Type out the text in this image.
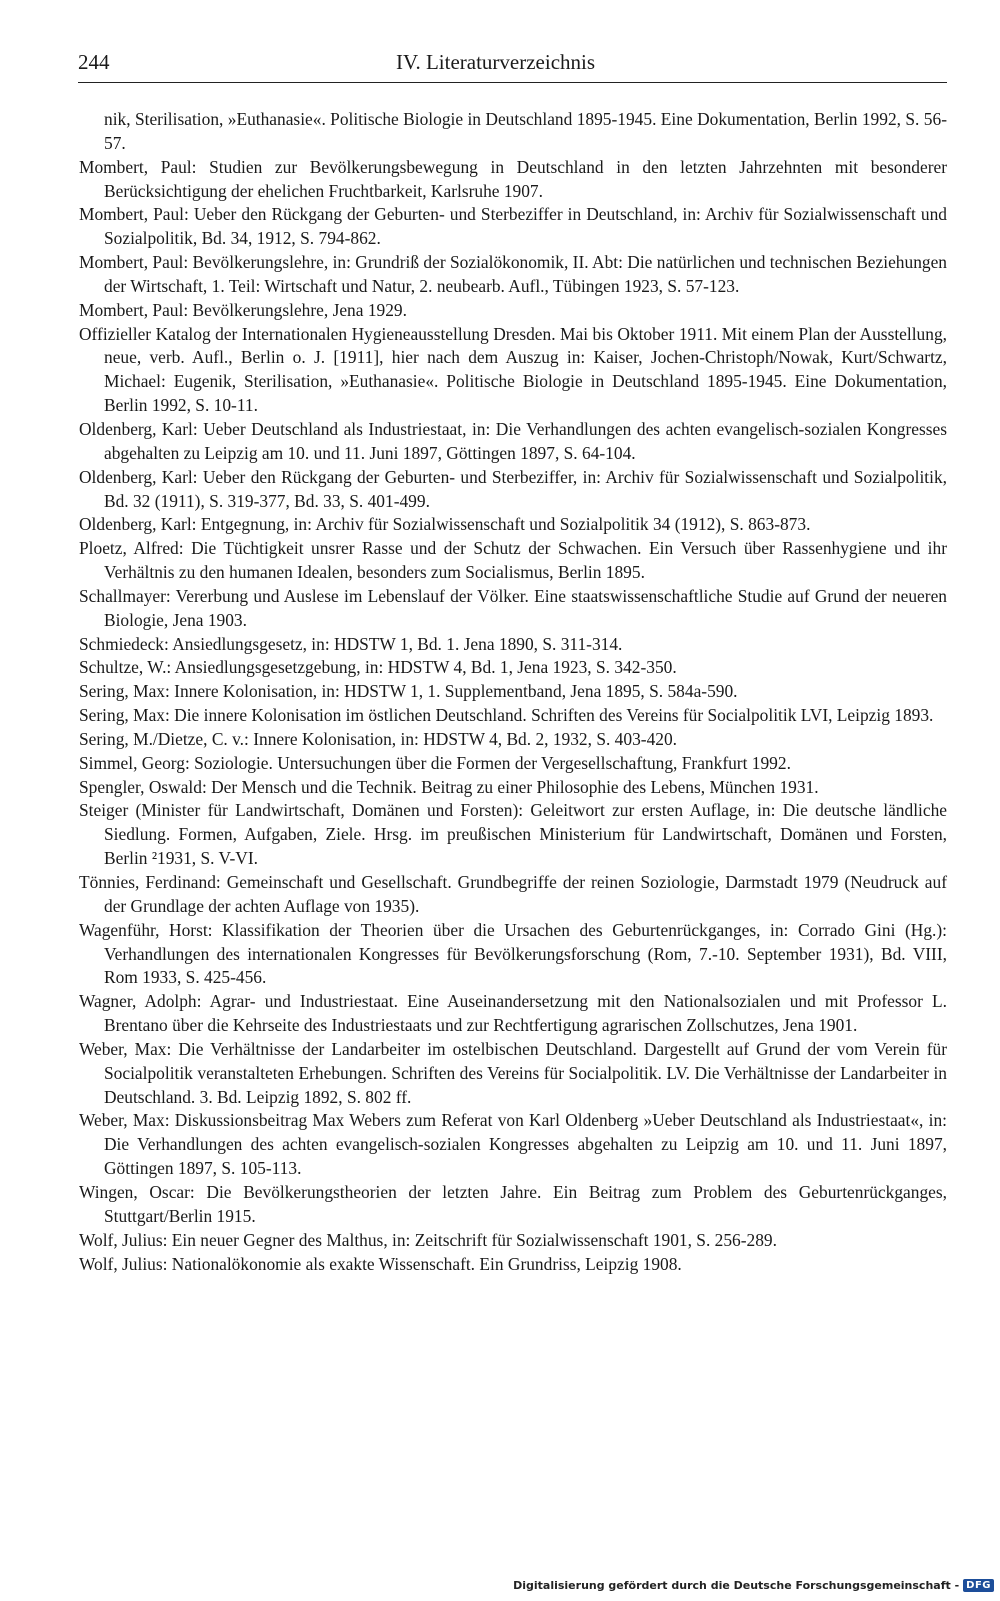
244	IV. Literaturverzeichnis

nik, Sterilisation, »Euthanasie«. Politische Biologie in Deutschland 1895-1945. Eine Dokumentation, Berlin 1992, S. 56-57.

Mombert, Paul: Studien zur Bevölkerungsbewegung in Deutschland in den letzten Jahrzehnten mit besonderer Berücksichtigung der ehelichen Fruchtbarkeit, Karlsruhe 1907.

Mombert, Paul: Ueber den Rückgang der Geburten- und Sterbeziffer in Deutschland, in: Archiv für Sozialwissenschaft und Sozialpolitik, Bd. 34, 1912, S. 794-862.

Mombert, Paul: Bevölkerungslehre, in: Grundriß der Sozialökonomik, II. Abt: Die natürlichen und technischen Beziehungen der Wirtschaft, 1. Teil: Wirtschaft und Natur, 2. neubearb. Aufl., Tübingen 1923, S. 57-123.

Mombert, Paul: Bevölkerungslehre, Jena 1929.

Offizieller Katalog der Internationalen Hygieneausstellung Dresden. Mai bis Oktober 1911. Mit einem Plan der Ausstellung, neue, verb. Aufl., Berlin o. J. [1911], hier nach dem Auszug in: Kaiser, Jochen-Christoph/Nowak, Kurt/Schwartz, Michael: Eugenik, Sterilisation, »Euthanasie«. Politische Biologie in Deutschland 1895-1945. Eine Dokumentation, Berlin 1992, S. 10-11.

Oldenberg, Karl: Ueber Deutschland als Industriestaat, in: Die Verhandlungen des achten evangelisch-sozialen Kongresses abgehalten zu Leipzig am 10. und 11. Juni 1897, Göttingen 1897, S. 64-104.

Oldenberg, Karl: Ueber den Rückgang der Geburten- und Sterbeziffer, in: Archiv für Sozialwissenschaft und Sozialpolitik, Bd. 32 (1911), S. 319-377, Bd. 33, S. 401-499.

Oldenberg, Karl: Entgegnung, in: Archiv für Sozialwissenschaft und Sozialpolitik 34 (1912), S. 863-873.

Ploetz, Alfred: Die Tüchtigkeit unsrer Rasse und der Schutz der Schwachen. Ein Versuch über Rassenhygiene und ihr Verhältnis zu den humanen Idealen, besonders zum Socialismus, Berlin 1895.

Schallmayer: Vererbung und Auslese im Lebenslauf der Völker. Eine staatswissenschaftliche Studie auf Grund der neueren Biologie, Jena 1903.

Schmiedeck: Ansiedlungsgesetz, in: HDSTW 1, Bd. 1. Jena 1890, S. 311-314.

Schultze, W.: Ansiedlungsgesetzgebung, in: HDSTW 4, Bd. 1, Jena 1923, S. 342-350.

Sering, Max: Innere Kolonisation, in: HDSTW 1, 1. Supplementband, Jena 1895, S. 584a-590.

Sering, Max: Die innere Kolonisation im östlichen Deutschland. Schriften des Vereins für Socialpolitik LVI, Leipzig 1893.

Sering, M./Dietze, C. v.: Innere Kolonisation, in: HDSTW 4, Bd. 2, 1932, S. 403-420.

Simmel, Georg: Soziologie. Untersuchungen über die Formen der Vergesellschaftung, Frankfurt 1992.

Spengler, Oswald: Der Mensch und die Technik. Beitrag zu einer Philosophie des Lebens, München 1931.

Steiger (Minister für Landwirtschaft, Domänen und Forsten): Geleitwort zur ersten Auflage, in: Die deutsche ländliche Siedlung. Formen, Aufgaben, Ziele. Hrsg. im preußischen Ministerium für Landwirtschaft, Domänen und Forsten, Berlin ²1931, S. V-VI.

Tönnies, Ferdinand: Gemeinschaft und Gesellschaft. Grundbegriffe der reinen Soziologie, Darmstadt 1979 (Neudruck auf der Grundlage der achten Auflage von 1935).

Wagenführ, Horst: Klassifikation der Theorien über die Ursachen des Geburtenrückganges, in: Corrado Gini (Hg.): Verhandlungen des internationalen Kongresses für Bevölkerungsforschung (Rom, 7.-10. September 1931), Bd. VIII, Rom 1933, S. 425-456.

Wagner, Adolph: Agrar- und Industriestaat. Eine Auseinandersetzung mit den Nationalsozialen und mit Professor L. Brentano über die Kehrseite des Industriestaats und zur Rechtfertigung agrarischen Zollschutzes, Jena 1901.

Weber, Max: Die Verhältnisse der Landarbeiter im ostelbischen Deutschland. Dargestellt auf Grund der vom Verein für Socialpolitik veranstalteten Erhebungen. Schriften des Vereins für Socialpolitik. LV. Die Verhältnisse der Landarbeiter in Deutschland. 3. Bd. Leipzig 1892, S. 802 ff.

Weber, Max: Diskussionsbeitrag Max Webers zum Referat von Karl Oldenberg »Ueber Deutschland als Industriestaat«, in: Die Verhandlungen des achten evangelisch-sozialen Kongresses abgehalten zu Leipzig am 10. und 11. Juni 1897, Göttingen 1897, S. 105-113.

Wingen, Oscar: Die Bevölkerungstheorien der letzten Jahre. Ein Beitrag zum Problem des Geburtenrückganges, Stuttgart/Berlin 1915.

Wolf, Julius: Ein neuer Gegner des Malthus, in: Zeitschrift für Sozialwissenschaft 1901, S. 256-289.

Wolf, Julius: Nationalökonomie als exakte Wissenschaft. Ein Grundriss, Leipzig 1908.

Digitalisierung gefördert durch die Deutsche Forschungsgemeinschaft - DFG
